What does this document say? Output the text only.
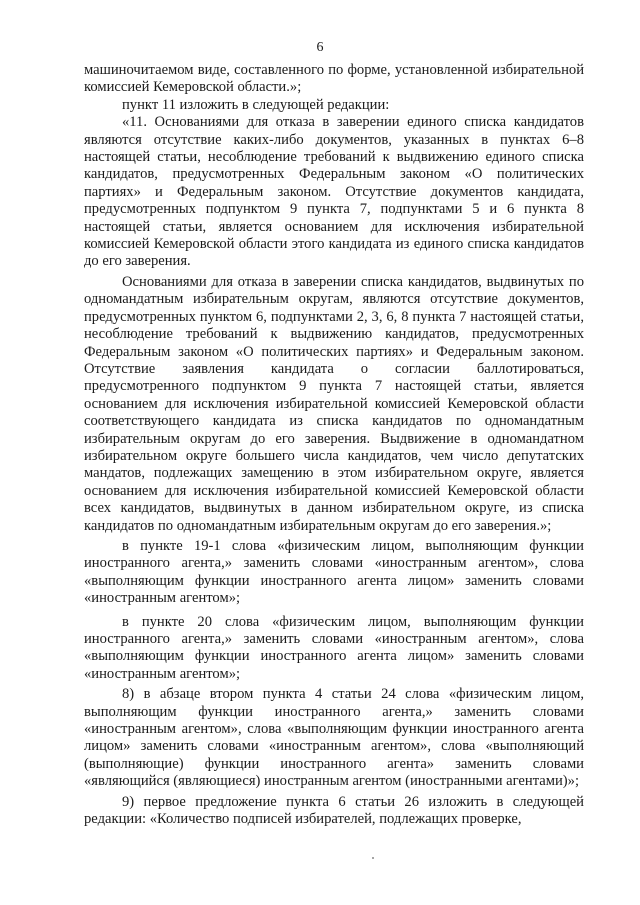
6

машиночитаемом виде, составленного по форме, установленной избирательной комиссией Кемеровской области.»;

пункт 11 изложить в следующей редакции:

«11. Основаниями для отказа в заверении единого списка кандидатов являются отсутствие каких-либо документов, указанных в пунктах 6–8 настоящей статьи, несоблюдение требований к выдвижению единого списка кандидатов, предусмотренных Федеральным законом «О политических партиях» и Федеральным законом. Отсутствие документов кандидата, предусмотренных подпунктом 9 пункта 7, подпунктами 5 и 6 пункта 8 настоящей статьи, является основанием для исключения избирательной комиссией Кемеровской области этого кандидата из единого списка кандидатов до его заверения.

Основаниями для отказа в заверении списка кандидатов, выдвинутых по одномандатным избирательным округам, являются отсутствие документов, предусмотренных пунктом 6, подпунктами 2, 3, 6, 8 пункта 7 настоящей статьи, несоблюдение требований к выдвижению кандидатов, предусмотренных Федеральным законом «О политических партиях» и Федеральным законом. Отсутствие заявления кандидата о согласии баллотироваться, предусмотренного подпунктом 9 пункта 7 настоящей статьи, является основанием для исключения избирательной комиссией Кемеровской области соответствующего кандидата из списка кандидатов по одномандатным избирательным округам до его заверения. Выдвижение в одномандатном избирательном округе большего числа кандидатов, чем число депутатских мандатов, подлежащих замещению в этом избирательном округе, является основанием для исключения избирательной комиссией Кемеровской области всех кандидатов, выдвинутых в данном избирательном округе, из списка кандидатов по одномандатным избирательным округам до его заверения.»;

в пункте 19-1 слова «физическим лицом, выполняющим функции иностранного агента,» заменить словами «иностранным агентом», слова «выполняющим функции иностранного агента лицом» заменить словами «иностранным агентом»;

в пункте 20 слова «физическим лицом, выполняющим функции иностранного агента,» заменить словами «иностранным агентом», слова «выполняющим функции иностранного агента лицом» заменить словами «иностранным агентом»;

8) в абзаце втором пункта 4 статьи 24 слова «физическим лицом, выполняющим функции иностранного агента,» заменить словами «иностранным агентом», слова «выполняющим функции иностранного агента лицом» заменить словами «иностранным агентом», слова «выполняющий (выполняющие) функции иностранного агента» заменить словами «являющийся (являющиеся) иностранным агентом (иностранными агентами)»;

9) первое предложение пункта 6 статьи 26 изложить в следующей редакции: «Количество подписей избирателей, подлежащих проверке,
